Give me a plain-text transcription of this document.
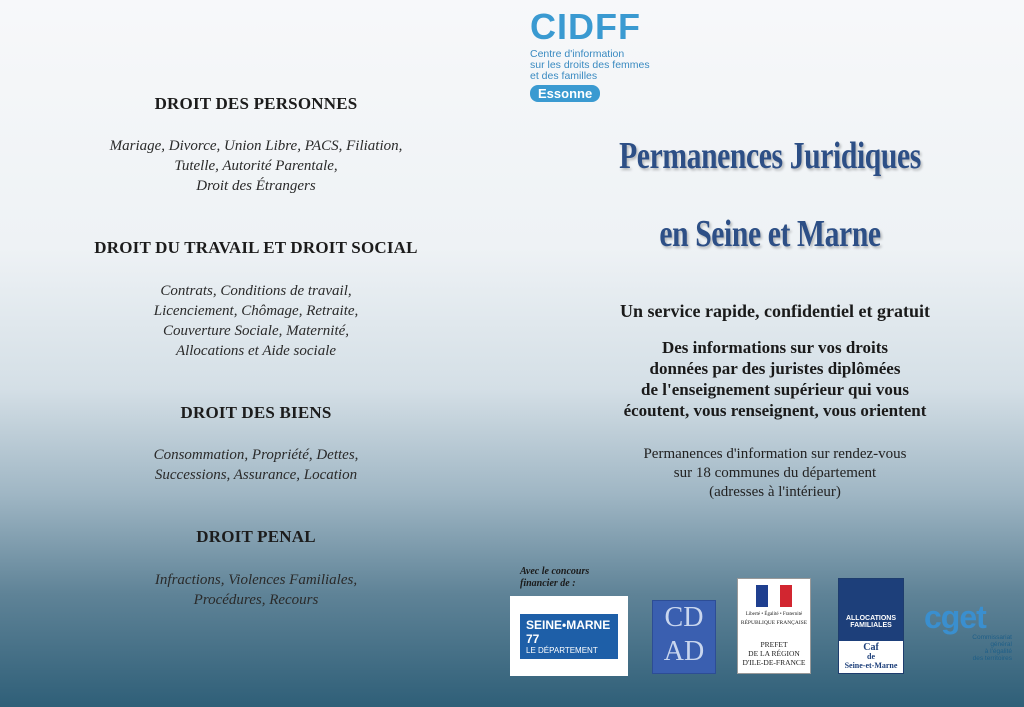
DROIT DES PERSONNES
Mariage, Divorce, Union Libre, PACS, Filiation,
Tutelle, Autorité Parentale,
Droit des Étrangers
DROIT DU TRAVAIL ET DROIT SOCIAL
Contrats, Conditions de travail,
Licenciement, Chômage, Retraite,
Couverture Sociale, Maternité,
Allocations et Aide sociale
DROIT DES BIENS
Consommation, Propriété, Dettes,
Successions, Assurance, Location
DROIT PENAL
Infractions, Violences Familiales,
Procédures, Recours
CIDFF
Centre d'information
sur les droits des femmes
et des familles
Essonne
Permanences Juridiques
en Seine et Marne
Un service rapide, confidentiel et gratuit
Des informations sur vos droits
données par des juristes diplômées
de l'enseignement supérieur qui vous
écoutent, vous renseignent, vous orientent
Permanences d'information sur rendez-vous
sur 18 communes du département
(adresses à l'intérieur)
Avec le concours
financier de :
SEINE•MARNE 77
LE DÉPARTEMENT
CD
AD
Liberté • Égalité • Fraternité
RÉPUBLIQUE FRANÇAISE
PREFET
DE LA RÉGION
D'ILE-DE-FRANCE
ALLOCATIONS FAMILIALES
Caf
de
Seine-et-Marne
cget
Commissariat
général
à l'égalité
des territoires
